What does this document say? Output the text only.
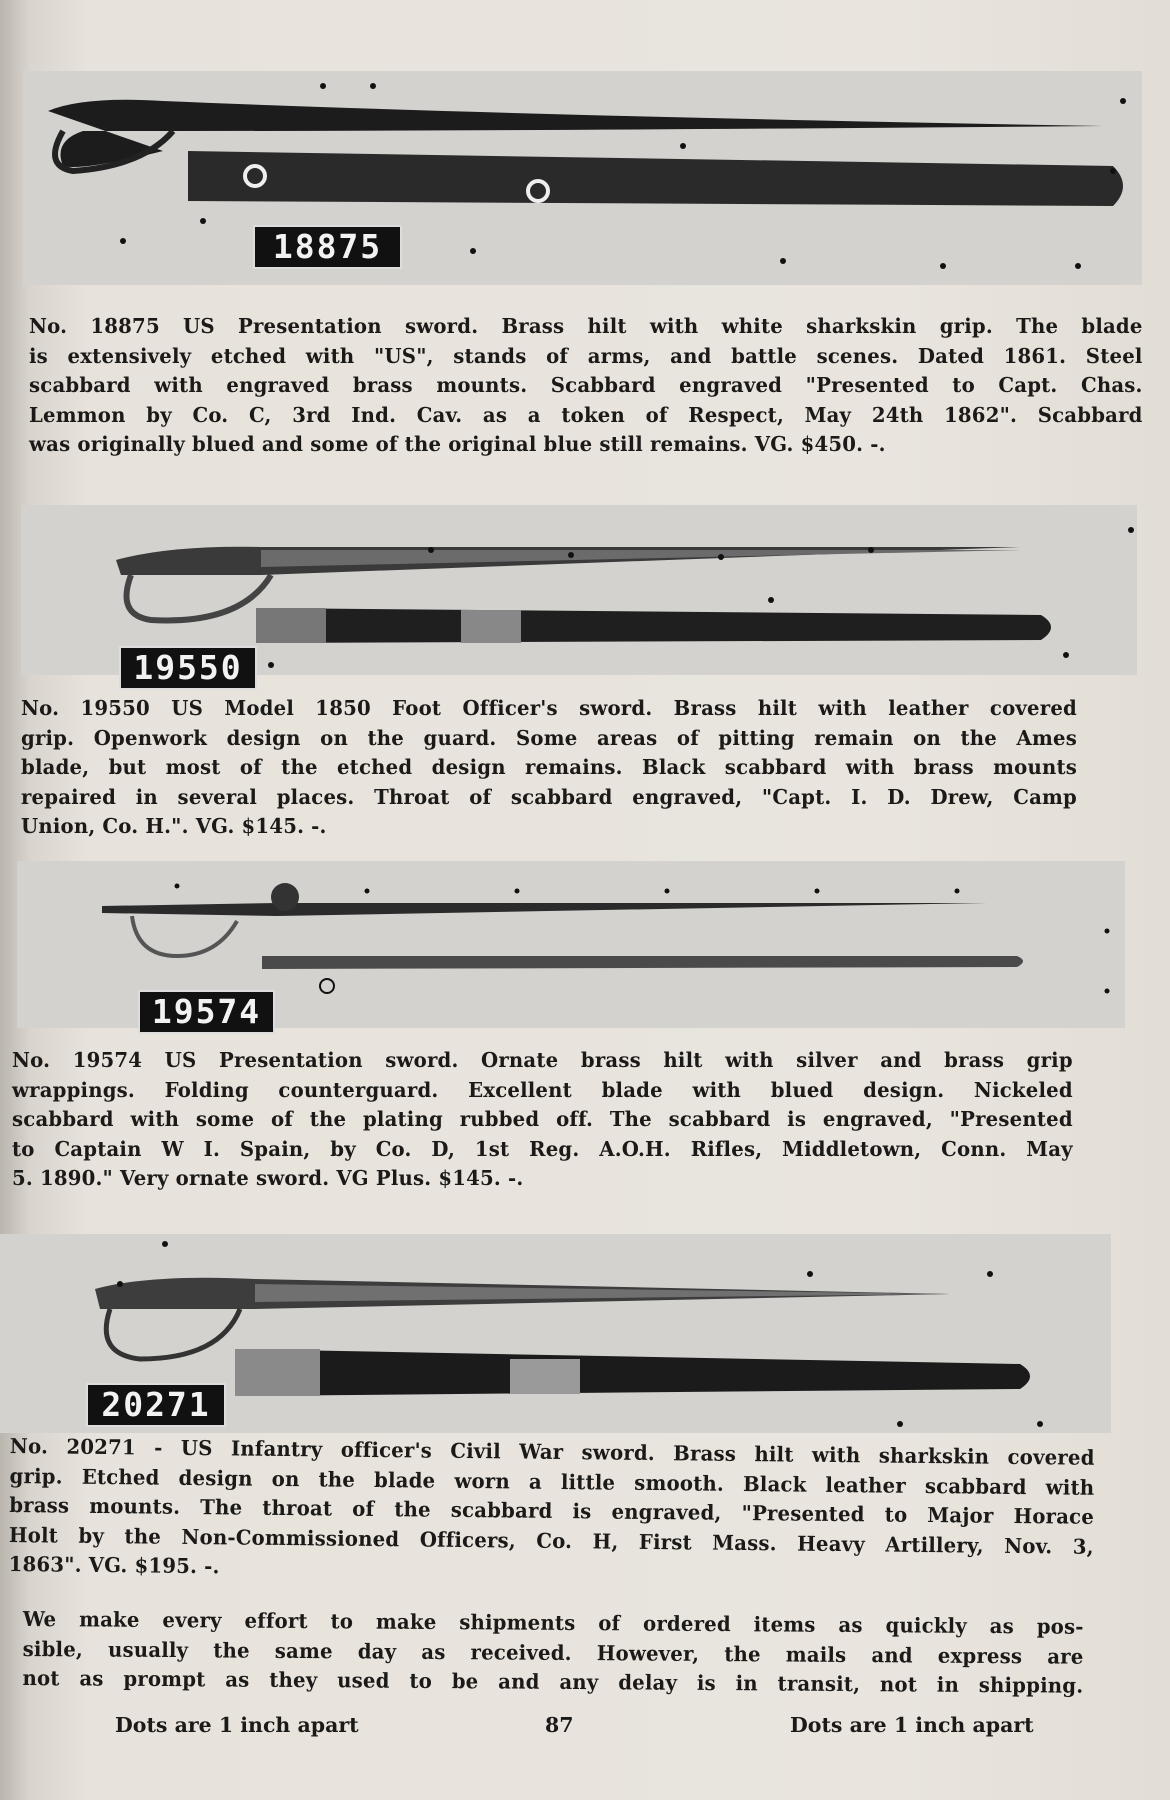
18875
No. 18875 US Presentation sword. Brass hilt with white sharkskin grip. The blade
is extensively etched with "US", stands of arms, and battle scenes. Dated 1861. Steel
scabbard with engraved brass mounts. Scabbard engraved "Presented to Capt. Chas.
Lemmon by Co. C, 3rd Ind. Cav. as a token of Respect, May 24th 1862". Scabbard
was originally blued and some of the original blue still remains. VG. $450. -.
19550
No. 19550 US Model 1850 Foot Officer's sword. Brass hilt with leather covered
grip. Openwork design on the guard. Some areas of pitting remain on the Ames
blade, but most of the etched design remains. Black scabbard with brass mounts
repaired in several places. Throat of scabbard engraved, "Capt. I. D. Drew, Camp
Union, Co. H.". VG. $145. -.
19574
No. 19574 US Presentation sword. Ornate brass hilt with silver and brass grip
wrappings. Folding counterguard. Excellent blade with blued design. Nickeled
scabbard with some of the plating rubbed off. The scabbard is engraved, "Presented
to Captain W I. Spain, by Co. D, 1st Reg. A.O.H. Rifles, Middletown, Conn. May
5. 1890." Very ornate sword. VG Plus. $145. -.
20271
No. 20271 - US Infantry officer's Civil War sword. Brass hilt with sharkskin covered
grip. Etched design on the blade worn a little smooth. Black leather scabbard with
brass mounts. The throat of the scabbard is engraved, "Presented to Major Horace
Holt by the Non-Commissioned Officers, Co. H, First Mass. Heavy Artillery, Nov. 3,
1863". VG. $195. -.
We make every effort to make shipments of ordered items as quickly as pos-
sible, usually the same day as received. However, the mails and express are
not as prompt as they used to be and any delay is in transit, not in shipping.
Dots are 1 inch apart	87	Dots are 1 inch apart
